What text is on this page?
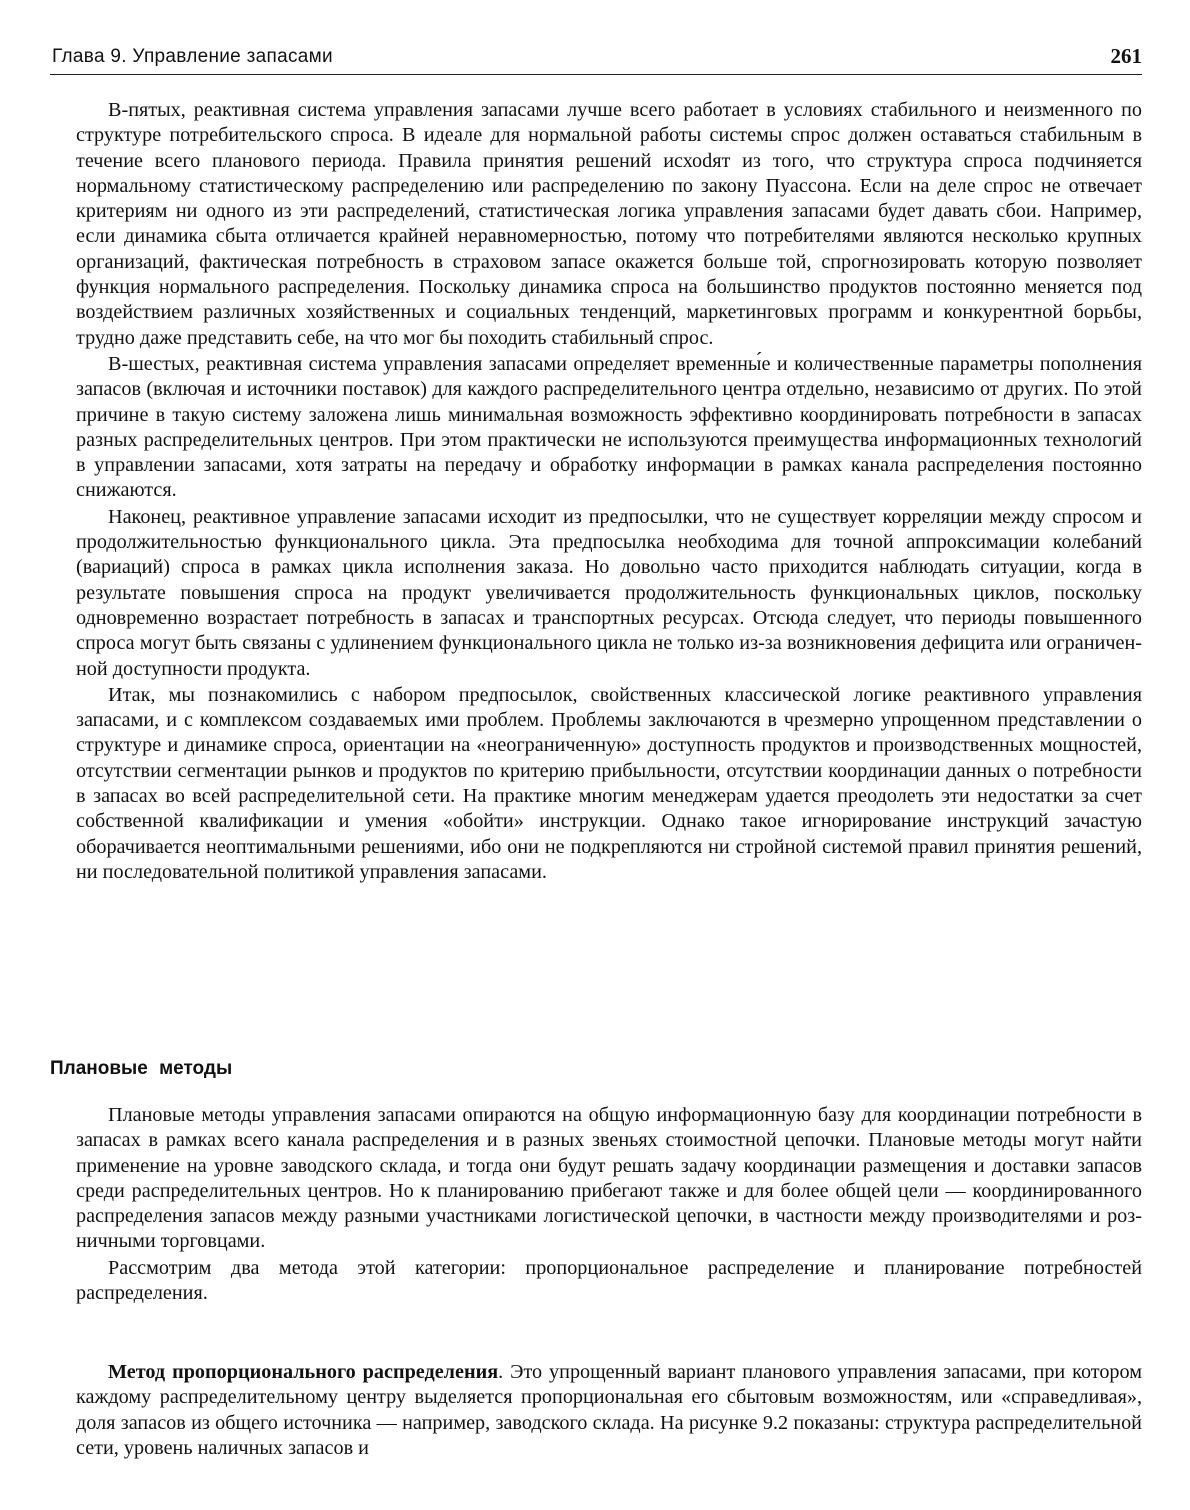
Глава 9. Управление запасами	261

В-пятых, реактивная система управления запасами лучше всего работает в условиях стабильного и неизменного по структуре потребительского спроса. В идеале для нормальной работы системы спрос должен оставаться стабильным в течение всего планового периода. Правила принятия решений исхоdят из того, что структура спроса подчиняется нормальному статистическому распределению или распределению по закону Пуассона. Если на деле спрос не отвечает критериям ни одного из эти распределений, статистическая логика управления запасами будет давать сбои. Например, если динамика сбыта отличается крайней неравномерностью, потому что потребителями являются несколько крупных организаций, фактическая потребность в страховом запасе окажется больше той, спрогнозировать которую позволяет функция нормального распределения. Поскольку динамика спроса на большинство продуктов постоянно меняется под воздействием различных хозяйственных и социальных тенденций, маркетинговых программ и конкурентной борьбы, трудно даже представить себе, на что мог бы походить стабильный спрос.

В-шестых, реактивная система управления запасами определяет временны́е и количественные параметры пополнения запасов (включая и источники поставок) для каждого распределительного центра отдельно, независимо от других. По этой причине в такую систему заложена лишь минимальная возможность эффективно координировать потребности в запасах разных распределительных центров. При этом практически не используются преимущества информационных технологий в управлении запасами, хотя затраты на передачу и обработку информации в рамках канала распределения постоянно снижаются.

Наконец, реактивное управление запасами исходит из предпосылки, что не существует корреляции между спросом и продолжительностью функционального цикла. Эта предпосылка необходима для точной аппроксимации колебаний (вариаций) спроса в рамках цикла исполнения заказа. Но довольно часто приходится наблюдать ситуации, когда в результате повышения спроса на продукт увеличивается продолжительность функциональных циклов, поскольку одновременно возрастает потребность в запасах и транспортных ресурсах. Отсюда следует, что периоды повышенного спроса могут быть связаны с удлинением функционального цикла не только из-за возникновения дефицита или ограниченной доступности продукта.

Итак, мы познакомились с набором предпосылок, свойственных классической логике реактивного управления запасами, и с комплексом создаваемых ими проблем. Проблемы заключаются в чрезмерно упрощенном представлении о структуре и динамике спроса, ориентации на «неограниченную» доступность продуктов и производственных мощностей, отсутствии сегментации рынков и продуктов по критерию прибыльности, отсутствии координации данных о потребности в запасах во всей распределительной сети. На практике многим менеджерам удается преодолеть эти недостатки за счет собственной квалификации и умения «обойти» инструкции. Однако такое игнорирование инструкций зачастую оборачивается неоптимальными решениями, ибо они не подкрепляются ни стройной системой правил принятия решений, ни последовательной политикой управления запасами.

Плановые методы

Плановые методы управления запасами опираются на общую информационную базу для координации потребности в запасах в рамках всего канала распределения и в разных звеньях стоимостной цепочки. Плановые методы могут найти применение на уровне заводского склада, и тогда они будут решать задачу координации размещения и доставки запасов среди распределительных центров. Но к планированию прибегают также и для более общей цели — координированного распределения запасов между разными участниками логистической цепочки, в частности между производителями и розничными торговцами.

Рассмотрим два метода этой категории: пропорциональное распределение и планирование потребностей распределения.

Метод пропорционального распределения. Это упрощенный вариант планового управления запасами, при котором каждому распределительному центру выделяется пропорциональная его сбытовым возможностям, или «справедливая», доля запасов из общего источника — например, заводского склада. На рисунке 9.2 показаны: структура распределительной сети, уровень наличных запасов и
